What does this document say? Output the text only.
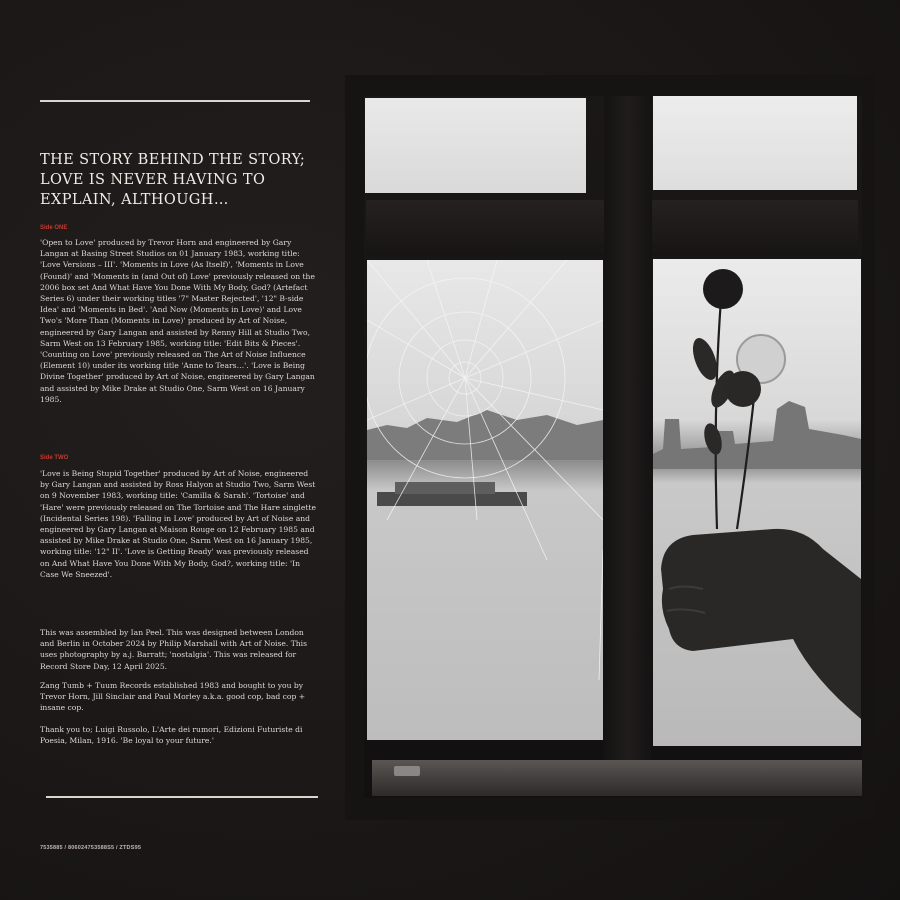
THE STORY BEHIND THE STORY;
LOVE IS NEVER HAVING TO
EXPLAIN, ALTHOUGH…
Side ONE
'Open to Love' produced by Trevor Horn and engineered by Gary Langan at Basing Street Studios on 01 January 1983, working title: 'Love Versions – III'. 'Moments in Love (As Itself)', 'Moments in Love (Found)' and 'Moments in (and Out of) Love' previously released on the 2006 box set And What Have You Done With My Body, God? (Artefact Series 6) under their working titles '7" Master Rejected', '12" B-side Idea' and 'Moments in Bed'. 'And Now (Moments in Love)' and Love Two's 'More Than (Moments in Love)' produced by Art of Noise, engineered by Gary Langan and assisted by Renny Hill at Studio Two, Sarm West on 13 February 1985, working title: 'Edit Bits & Pieces'. 'Counting on Love' previously released on The Art of Noise Influence (Element 10) under its working title 'Anne to Tears…'. 'Love is Being Divine Together' produced by Art of Noise, engineered by Gary Langan and assisted by Mike Drake at Studio One, Sarm West on 16 January 1985.
Side TWO
'Love is Being Stupid Together' produced by Art of Noise, engineered by Gary Langan and assisted by Ross Halyon at Studio Two, Sarm West on 9 November 1983, working title: 'Camilla & Sarah'. 'Tortoise' and 'Hare' were previously released on The Tortoise and The Hare singlette (Incidental Series 198). 'Falling in Love' produced by Art of Noise and engineered by Gary Langan at Maison Rouge on 12 February 1985 and assisted by Mike Drake at Studio One, Sarm West on 16 January 1985, working title: '12" II'. 'Love is Getting Ready' was previously released on And What Have You Done With My Body, God?, working title: 'In Case We Sneezed'.
This was assembled by Ian Peel. This was designed between London and Berlin in October 2024 by Philip Marshall with Art of Noise. This uses photography by a.j. Barratt; 'nostalgia'. This was released for Record Store Day, 12 April 2025.
Zang Tumb + Tuum Records established 1983 and bought to you by Trevor Horn, Jill Sinclair and Paul Morley a.k.a. good cop, bad cop + insane cop.
Thank you to; Luigi Russolo, L'Arte dei rumori, Edizioni Futuriste di Poesia, Milan, 1916. 'Be loyal to your future.'
7535885 / 806024753588S5 / ZTDS95
